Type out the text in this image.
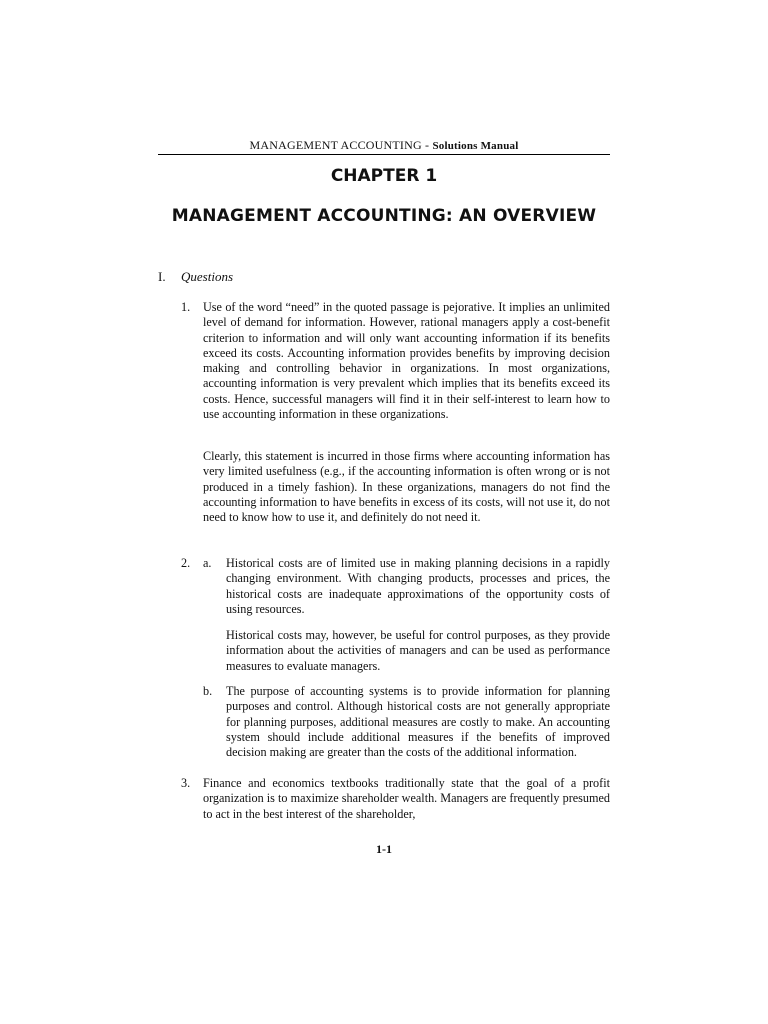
MANAGEMENT ACCOUNTING - Solutions Manual
CHAPTER 1
MANAGEMENT ACCOUNTING: AN OVERVIEW
I. Questions
1. Use of the word “need” in the quoted passage is pejorative. It implies an unlimited level of demand for information. However, rational managers apply a cost-benefit criterion to information and will only want accounting information if its benefits exceed its costs. Accounting information provides benefits by improving decision making and controlling behavior in organizations. In most organizations, accounting information is very prevalent which implies that its benefits exceed its costs. Hence, successful managers will find it in their self-interest to learn how to use accounting information in these organizations.

Clearly, this statement is incurred in those firms where accounting information has very limited usefulness (e.g., if the accounting information is often wrong or is not produced in a timely fashion). In these organizations, managers do not find the accounting information to have benefits in excess of its costs, will not use it, do not need to know how to use it, and definitely do not need it.

2. a. Historical costs are of limited use in making planning decisions in a rapidly changing environment. With changing products, processes and prices, the historical costs are inadequate approximations of the opportunity costs of using resources.

Historical costs may, however, be useful for control purposes, as they provide information about the activities of managers and can be used as performance measures to evaluate managers.

b. The purpose of accounting systems is to provide information for planning purposes and control. Although historical costs are not generally appropriate for planning purposes, additional measures are costly to make. An accounting system should include additional measures if the benefits of improved decision making are greater than the costs of the additional information.

3. Finance and economics textbooks traditionally state that the goal of a profit organization is to maximize shareholder wealth. Managers are frequently presumed to act in the best interest of the shareholder,

1-1
